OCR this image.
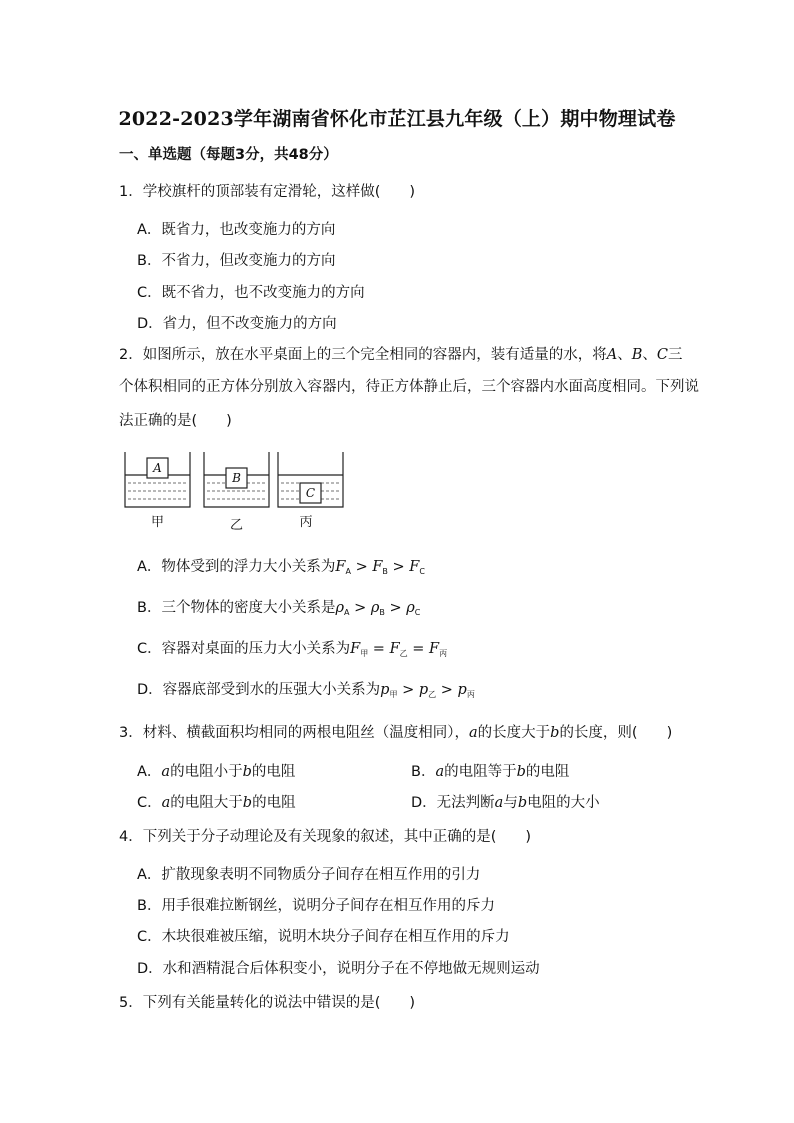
2022-2023学年湖南省怀化市芷江县九年级（上）期中物理试卷
一、单选题（每题3分，共48分）
1．学校旗杆的顶部装有定滑轮，这样做(　　)
A．既省力，也改变施力的方向
B．不省力，但改变施力的方向
C．既不省力，也不改变施力的方向
D．省力，但不改变施力的方向
2．如图所示，放在水平桌面上的三个完全相同的容器内，装有适量的水，将A、B、C三
个体积相同的正方体分别放入容器内，待正方体静止后，三个容器内水面高度相同。下列说
法正确的是(　　)
A
B
C
甲	乙	丙
A．物体受到的浮力大小关系为$F_A > F_B > F_C$
B．三个物体的密度大小关系是$\rho_A > \rho_B > \rho_C$
C．容器对桌面的压力大小关系为$F_甲 = F_乙 = F_丙$
D．容器底部受到水的压强大小关系为$p_甲 > p_乙 > p_丙$
3．材料、横截面积均相同的两根电阻丝（温度相同），a的长度大于b的长度，则(　　)
A．a的电阻小于b的电阻	B．a的电阻等于b的电阻
C．a的电阻大于b的电阻	D．无法判断a与b电阻的大小
4．下列关于分子动理论及有关现象的叙述，其中正确的是(　　)
A．扩散现象表明不同物质分子间存在相互作用的引力
B．用手很难拉断钢丝，说明分子间存在相互作用的斥力
C．木块很难被压缩，说明木块分子间存在相互作用的斥力
D．水和酒精混合后体积变小，说明分子在不停地做无规则运动
5．下列有关能量转化的说法中错误的是(　　)
